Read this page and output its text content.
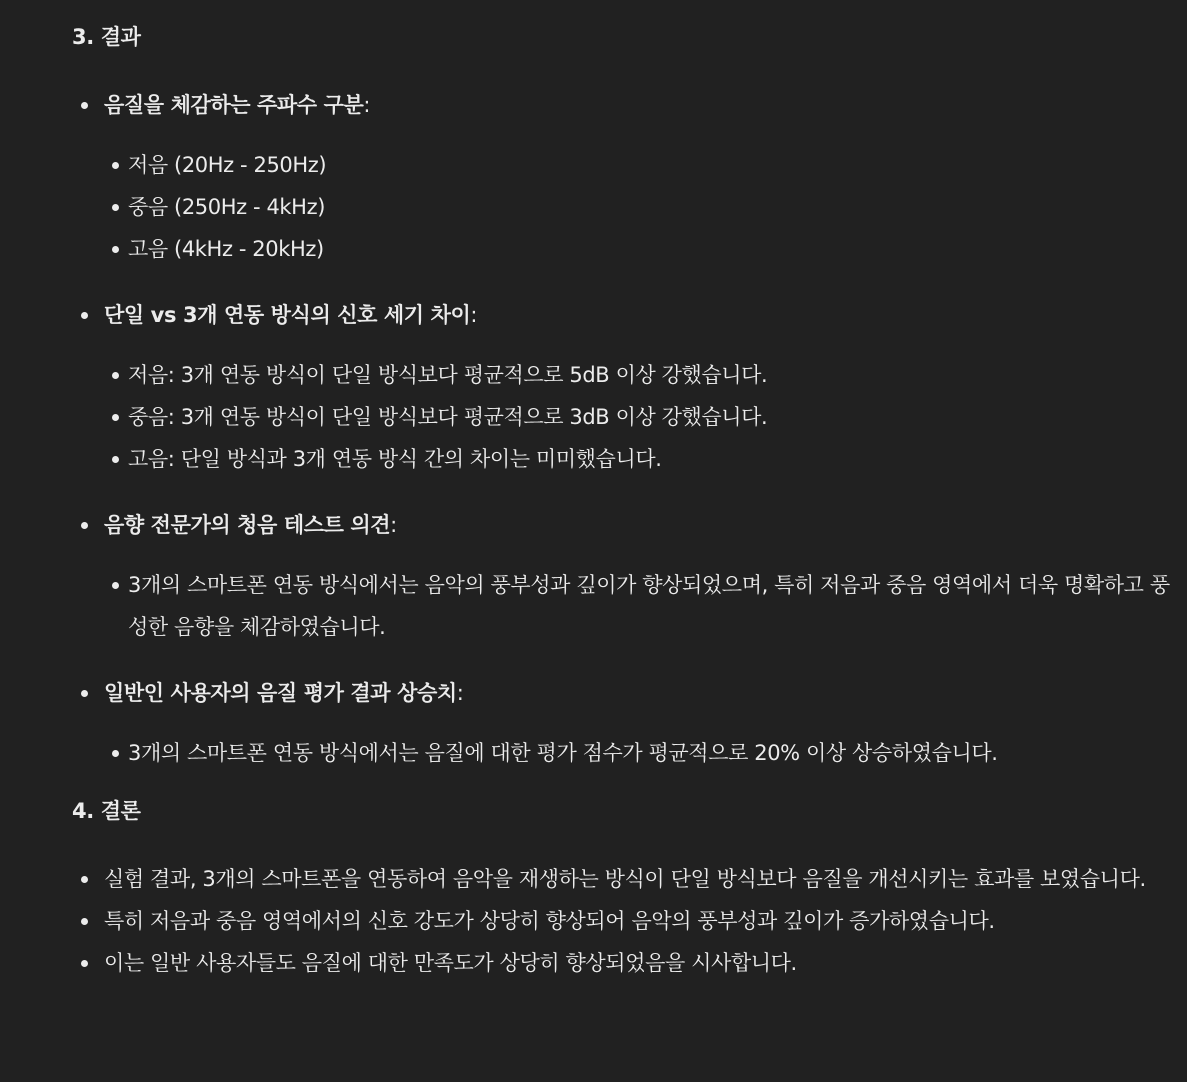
3. 결과
음질을 체감하는 주파수 구분:
저음 (20Hz - 250Hz)
중음 (250Hz - 4kHz)
고음 (4kHz - 20kHz)
단일 vs 3개 연동 방식의 신호 세기 차이:
저음: 3개 연동 방식이 단일 방식보다 평균적으로 5dB 이상 강했습니다.
중음: 3개 연동 방식이 단일 방식보다 평균적으로 3dB 이상 강했습니다.
고음: 단일 방식과 3개 연동 방식 간의 차이는 미미했습니다.
음향 전문가의 청음 테스트 의견:
3개의 스마트폰 연동 방식에서는 음악의 풍부성과 깊이가 향상되었으며, 특히 저음과 중음 영역에서 더욱 명확하고 풍성한 음향을 체감하였습니다.
일반인 사용자의 음질 평가 결과 상승치:
3개의 스마트폰 연동 방식에서는 음질에 대한 평가 점수가 평균적으로 20% 이상 상승하였습니다.
4. 결론
실험 결과, 3개의 스마트폰을 연동하여 음악을 재생하는 방식이 단일 방식보다 음질을 개선시키는 효과를 보였습니다.
특히 저음과 중음 영역에서의 신호 강도가 상당히 향상되어 음악의 풍부성과 깊이가 증가하였습니다.
이는 일반 사용자들도 음질에 대한 만족도가 상당히 향상되었음을 시사합니다.
